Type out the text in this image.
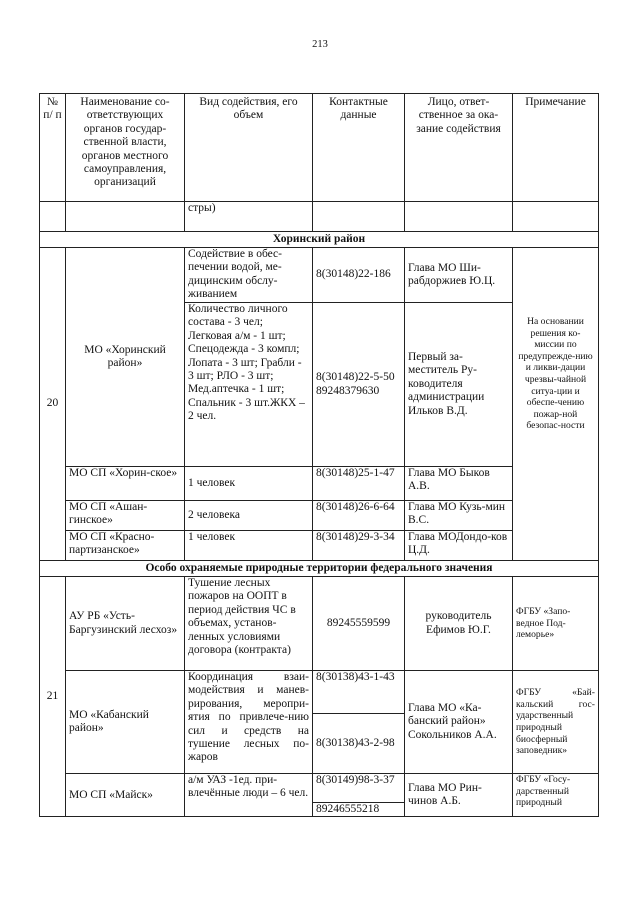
213
№ п/ п	Наименование со-ответствующих органов государ-ственной власти, органов местного самоуправления, организаций	Вид содействия, его объем	Контактные данные	Лицо, ответ-ственное за ока-зание содействия	Примечание
		стры)			
Хоринский район					
20	МО «Хоринский район»	Содействие в обес-печении водой, ме-дицинским обслу-живанием	8(30148)22-186	Глава МО Ши-рабдоржиев Ю.Ц.	На основании решения ко-миссии по предупрежде-нию и ликви-дации чрезвы-чайной ситуа-ции и обеспе-чению пожар-ной безопас-ности
		Количество личного состава - 3 чел; Легковая а/м - 1 шт; Спецодежда - 3 компл; Лопата - 3 шт; Грабли - 3 шт; РЛО - 3 шт; Мед.аптечка - 1 шт; Спальник - 3 шт.ЖКХ – 2 чел.	8(30148)22-5-50 89248379630	Первый за-меститель Ру-ководителя администрации Ильков В.Д.	
	МО СП «Хорин-ское»	1 человек	8(30148)25-1-47	Глава МО Быков А.В.	
	МО СП «Ашан-гинское»	2 человека	8(30148)26-6-64	Глава МО Кузь-мин В.С.	
	МО СП «Красно-партизанское»	1 человек	8(30148)29-3-34	Глава МОДондо-ков Ц.Д.	
Особо охраняемые природные территории федерального значения					
21	АУ РБ «Усть-Баргузинский лесхоз»	Тушение лесных пожаров на ООПТ в период действия ЧС в объемах, установ-ленных условиями договора (контракта)	89245559599	руководитель Ефимов Ю.Г.	ФГБУ «Запо-ведное Под-леморье»
	МО «Кабанский район»	Координация взаи-модействия и манев-рирования, меропри-ятия по привлече-нию сил и средств на тушение лесных по-жаров	8(30138)43-1-43	Глава МО «Ка-банский район» Сокольников А.А.	ФГБУ «Бай-кальский гос-ударственный природный биосферный заповедник»
			8(30138)43-2-98		
	МО СП «Майск»	а/м УАЗ -1ед. при-влечённые люди – 6 чел.	8(30149)98-3-37	Глава МО Рин-чинов А.Б.	ФГБУ «Госу-дарственный природный
			89246555218		
